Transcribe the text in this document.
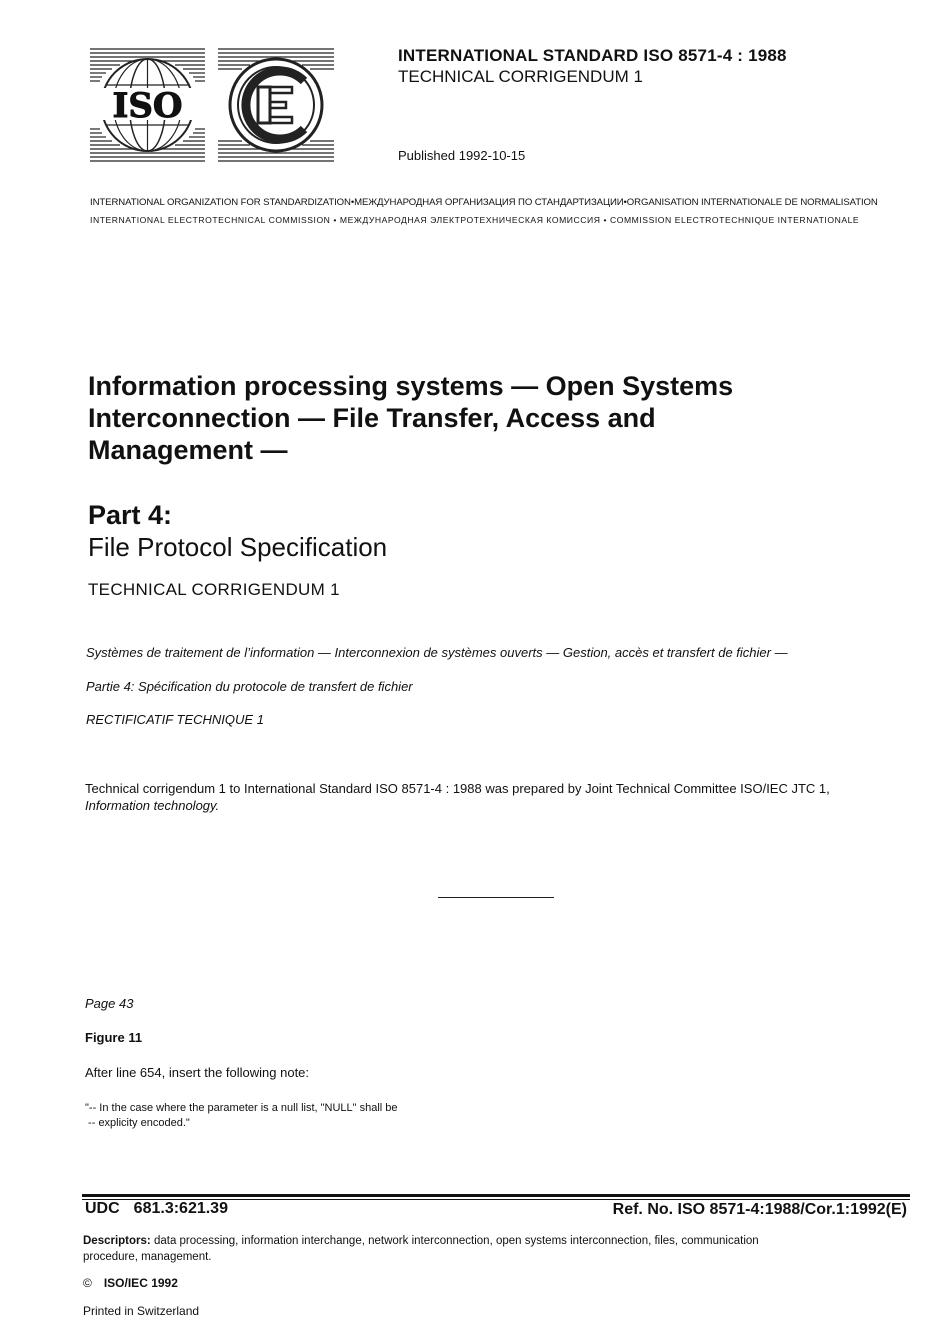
ISO
INTERNATIONAL STANDARD ISO 8571-4 : 1988
TECHNICAL CORRIGENDUM 1
Published 1992-10-15
INTERNATIONAL ORGANIZATION FOR STANDARDIZATION•МЕЖДУНАРОДНАЯ ОРГАНИЗАЦИЯ ПО СТАНДАРТИЗАЦИИ•ORGANISATION INTERNATIONALE DE NORMALISATION
INTERNATIONAL ELECTROTECHNICAL COMMISSION • МЕЖДУНАРОДНАЯ ЭЛЕКТРОТЕХНИЧЕСКАЯ КОМИССИЯ • COMMISSION ELECTROTECHNIQUE INTERNATIONALE
Information processing systems — Open Systems
Interconnection — File Transfer, Access and
Management —
Part 4:
File Protocol Specification
TECHNICAL CORRIGENDUM 1
Systèmes de traitement de l’information — Interconnexion de systèmes ouverts — Gestion, accès et transfert de fichier —
Partie 4: Spécification du protocole de transfert de fichier
RECTIFICATIF TECHNIQUE 1
Technical corrigendum 1 to International Standard ISO 8571-4 : 1988 was prepared by Joint Technical Committee ISO/IEC JTC 1,
Information technology.
Page 43
Figure 11
After line 654, insert the following note:
"-- In the case where the parameter is a null list, "NULL" shall be
-- explicity encoded."
UDC 681.3:621.39	Ref. No. ISO 8571-4:1988/Cor.1:1992(E)
Descriptors: data processing, information interchange, network interconnection, open systems interconnection, files, communication
procedure, management.
© ISO/IEC 1992
Printed in Switzerland
